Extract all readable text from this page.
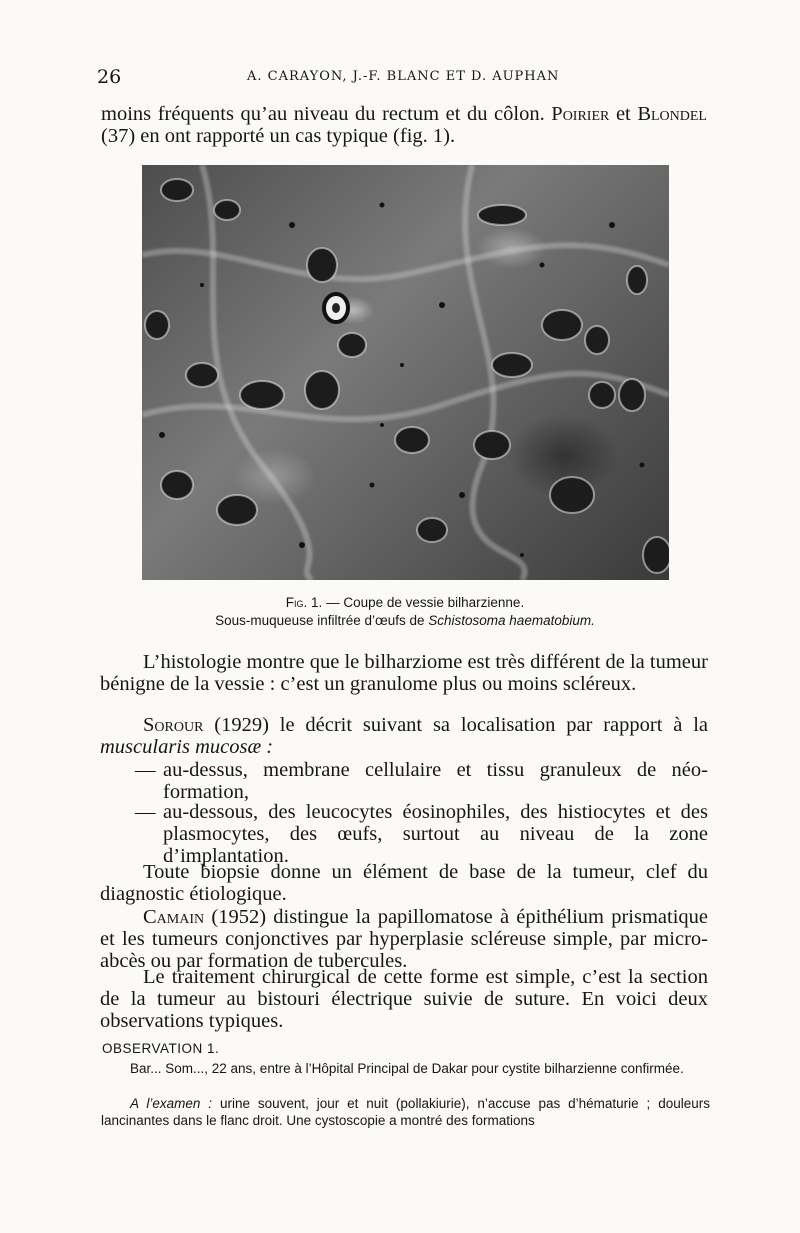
26	A. CARAYON, J.-F. BLANC ET D. AUPHAN

moins fréquents qu’au niveau du rectum et du côlon. Poirier et Blondel (37) en ont rapporté un cas typique (fig. 1).

Fig. 1. — Coupe de vessie bilharzienne.
Sous-muqueuse infiltrée d’œufs de Schistosoma haematobium.

L’histologie montre que le bilharziome est très différent de la tumeur bénigne de la vessie : c’est un granulome plus ou moins scléreux.

Sorour (1929) le décrit suivant sa localisation par rapport à la muscularis mucosæ :

— au-dessus, membrane cellulaire et tissu granuleux de néo-formation,
— au-dessous, des leucocytes éosinophiles, des histiocytes et des plasmocytes, des œufs, surtout au niveau de la zone d’implantation.

Toute biopsie donne un élément de base de la tumeur, clef du diagnostic étiologique.

Camain (1952) distingue la papillomatose à épithélium prismatique et les tumeurs conjonctives par hyperplasie scléreuse simple, par micro-abcès ou par formation de tubercules.

Le traitement chirurgical de cette forme est simple, c’est la section de la tumeur au bistouri électrique suivie de suture. En voici deux observations typiques.

OBSERVATION 1.

Bar... Som..., 22 ans, entre à l’Hôpital Principal de Dakar pour cystite bilharzienne confirmée.

A l’examen : urine souvent, jour et nuit (pollakiurie), n’accuse pas d’hématurie ; douleurs lancinantes dans le flanc droit. Une cystoscopie a montré des formations
